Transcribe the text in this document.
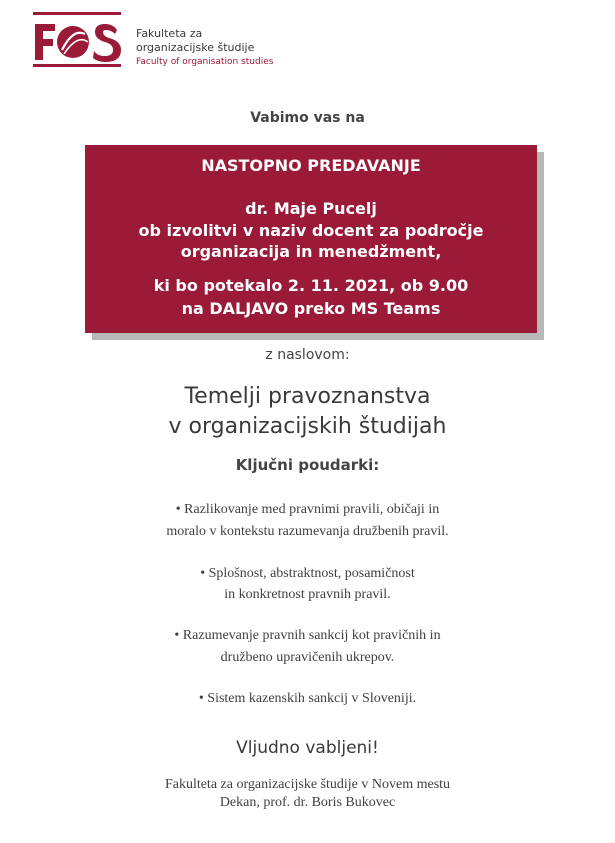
Fakulteta za
organizacijske študije
Faculty of organisation studies
Vabimo vas na
NASTOPNO PREDAVANJE
dr. Maje Pucelj
ob izvolitvi v naziv docent za področje
organizacija in menedžment,
ki bo potekalo 2. 11. 2021, ob 9.00
na DALJAVO preko MS Teams
z naslovom:
Temelji pravoznanstva
v organizacijskih študijah
Ključni poudarki:
• Razlikovanje med pravnimi pravili, običaji in
moralo v kontekstu razumevanja družbenih pravil.
• Splošnost, abstraktnost, posamičnost
in konkretnost pravnih pravil.
• Razumevanje pravnih sankcij kot pravičnih in
družbeno upravičenih ukrepov.
• Sistem kazenskih sankcij v Sloveniji.
Vljudno vabljeni!
Fakulteta za organizacijske študije v Novem mestu
Dekan, prof. dr. Boris Bukovec
